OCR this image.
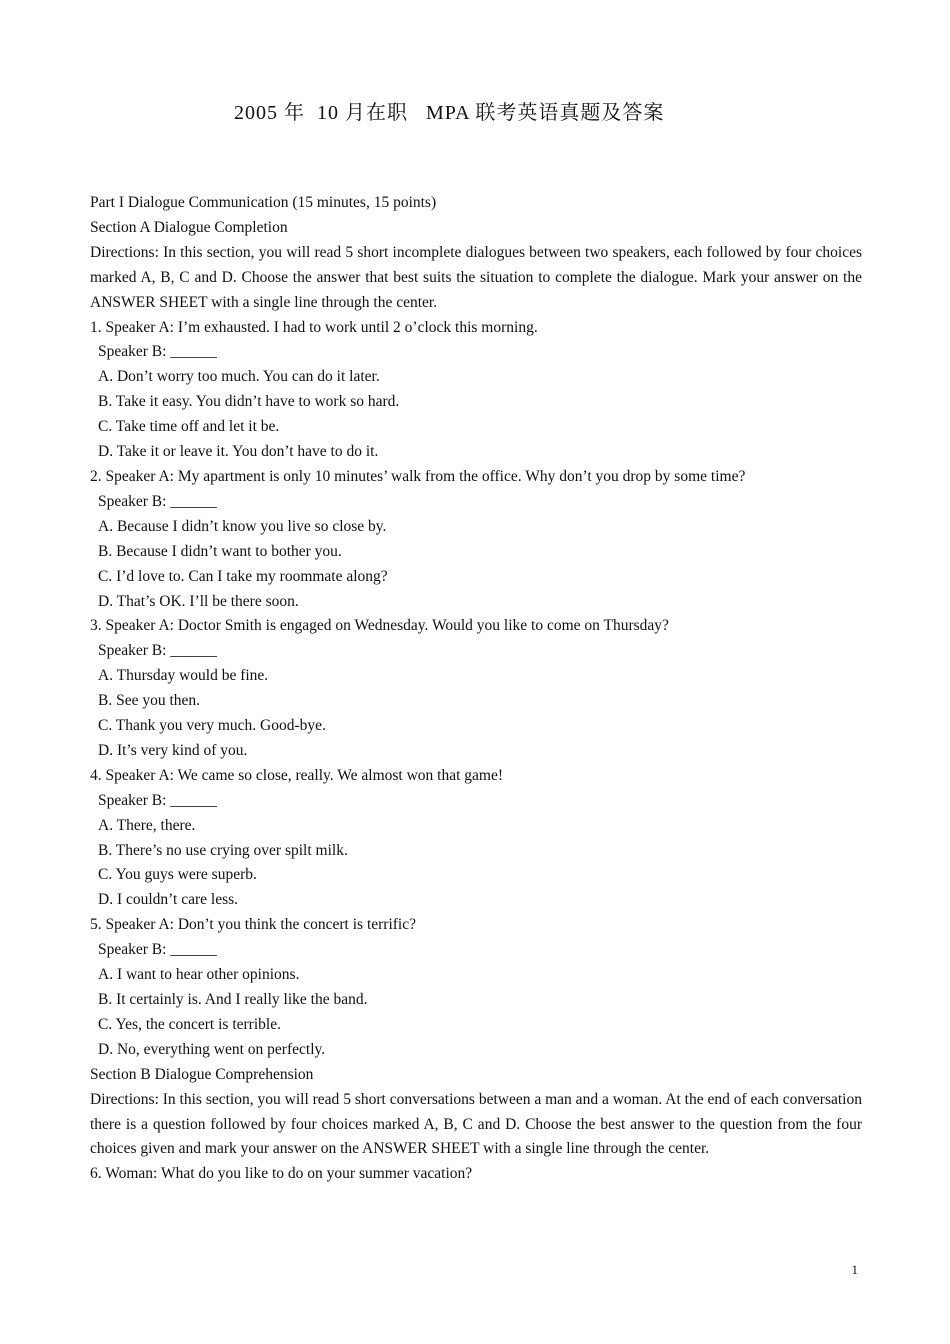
2005 年  10 月在职   MPA 联考英语真题及答案
Part I Dialogue Communication (15 minutes, 15 points)
Section A Dialogue Completion
Directions: In this section, you will read 5 short incomplete dialogues between two speakers, each followed by four choices marked A, B, C and D. Choose the answer that best suits the situation to complete the dialogue. Mark your answer on the ANSWER SHEET with a single line through the center.
1. Speaker A: I’m exhausted. I had to work until 2 o’clock this morning.
Speaker B: ______
A. Don’t worry too much. You can do it later.
B. Take it easy. You didn’t have to work so hard.
C. Take time off and let it be.
D. Take it or leave it. You don’t have to do it.
2. Speaker A: My apartment is only 10 minutes’ walk from the office. Why don’t you drop by some time?
Speaker B: ______
A. Because I didn’t know you live so close by.
B. Because I didn’t want to bother you.
C. I’d love to. Can I take my roommate along?
D. That’s OK. I’ll be there soon.
3. Speaker A: Doctor Smith is engaged on Wednesday. Would you like to come on Thursday?
Speaker B: ______
A. Thursday would be fine.
B. See you then.
C. Thank you very much. Good-bye.
D. It’s very kind of you.
4. Speaker A: We came so close, really. We almost won that game!
Speaker B: ______
A. There, there.
B. There’s no use crying over spilt milk.
C. You guys were superb.
D. I couldn’t care less.
5. Speaker A: Don’t you think the concert is terrific?
Speaker B: ______
A. I want to hear other opinions.
B. It certainly is. And I really like the band.
C. Yes, the concert is terrible.
D. No, everything went on perfectly.
Section B Dialogue Comprehension
Directions: In this section, you will read 5 short conversations between a man and a woman. At the end of each conversation there is a question followed by four choices marked A, B, C and D. Choose the best answer to the question from the four choices given and mark your answer on the ANSWER SHEET with a single line through the center.
6. Woman: What do you like to do on your summer vacation?
1
